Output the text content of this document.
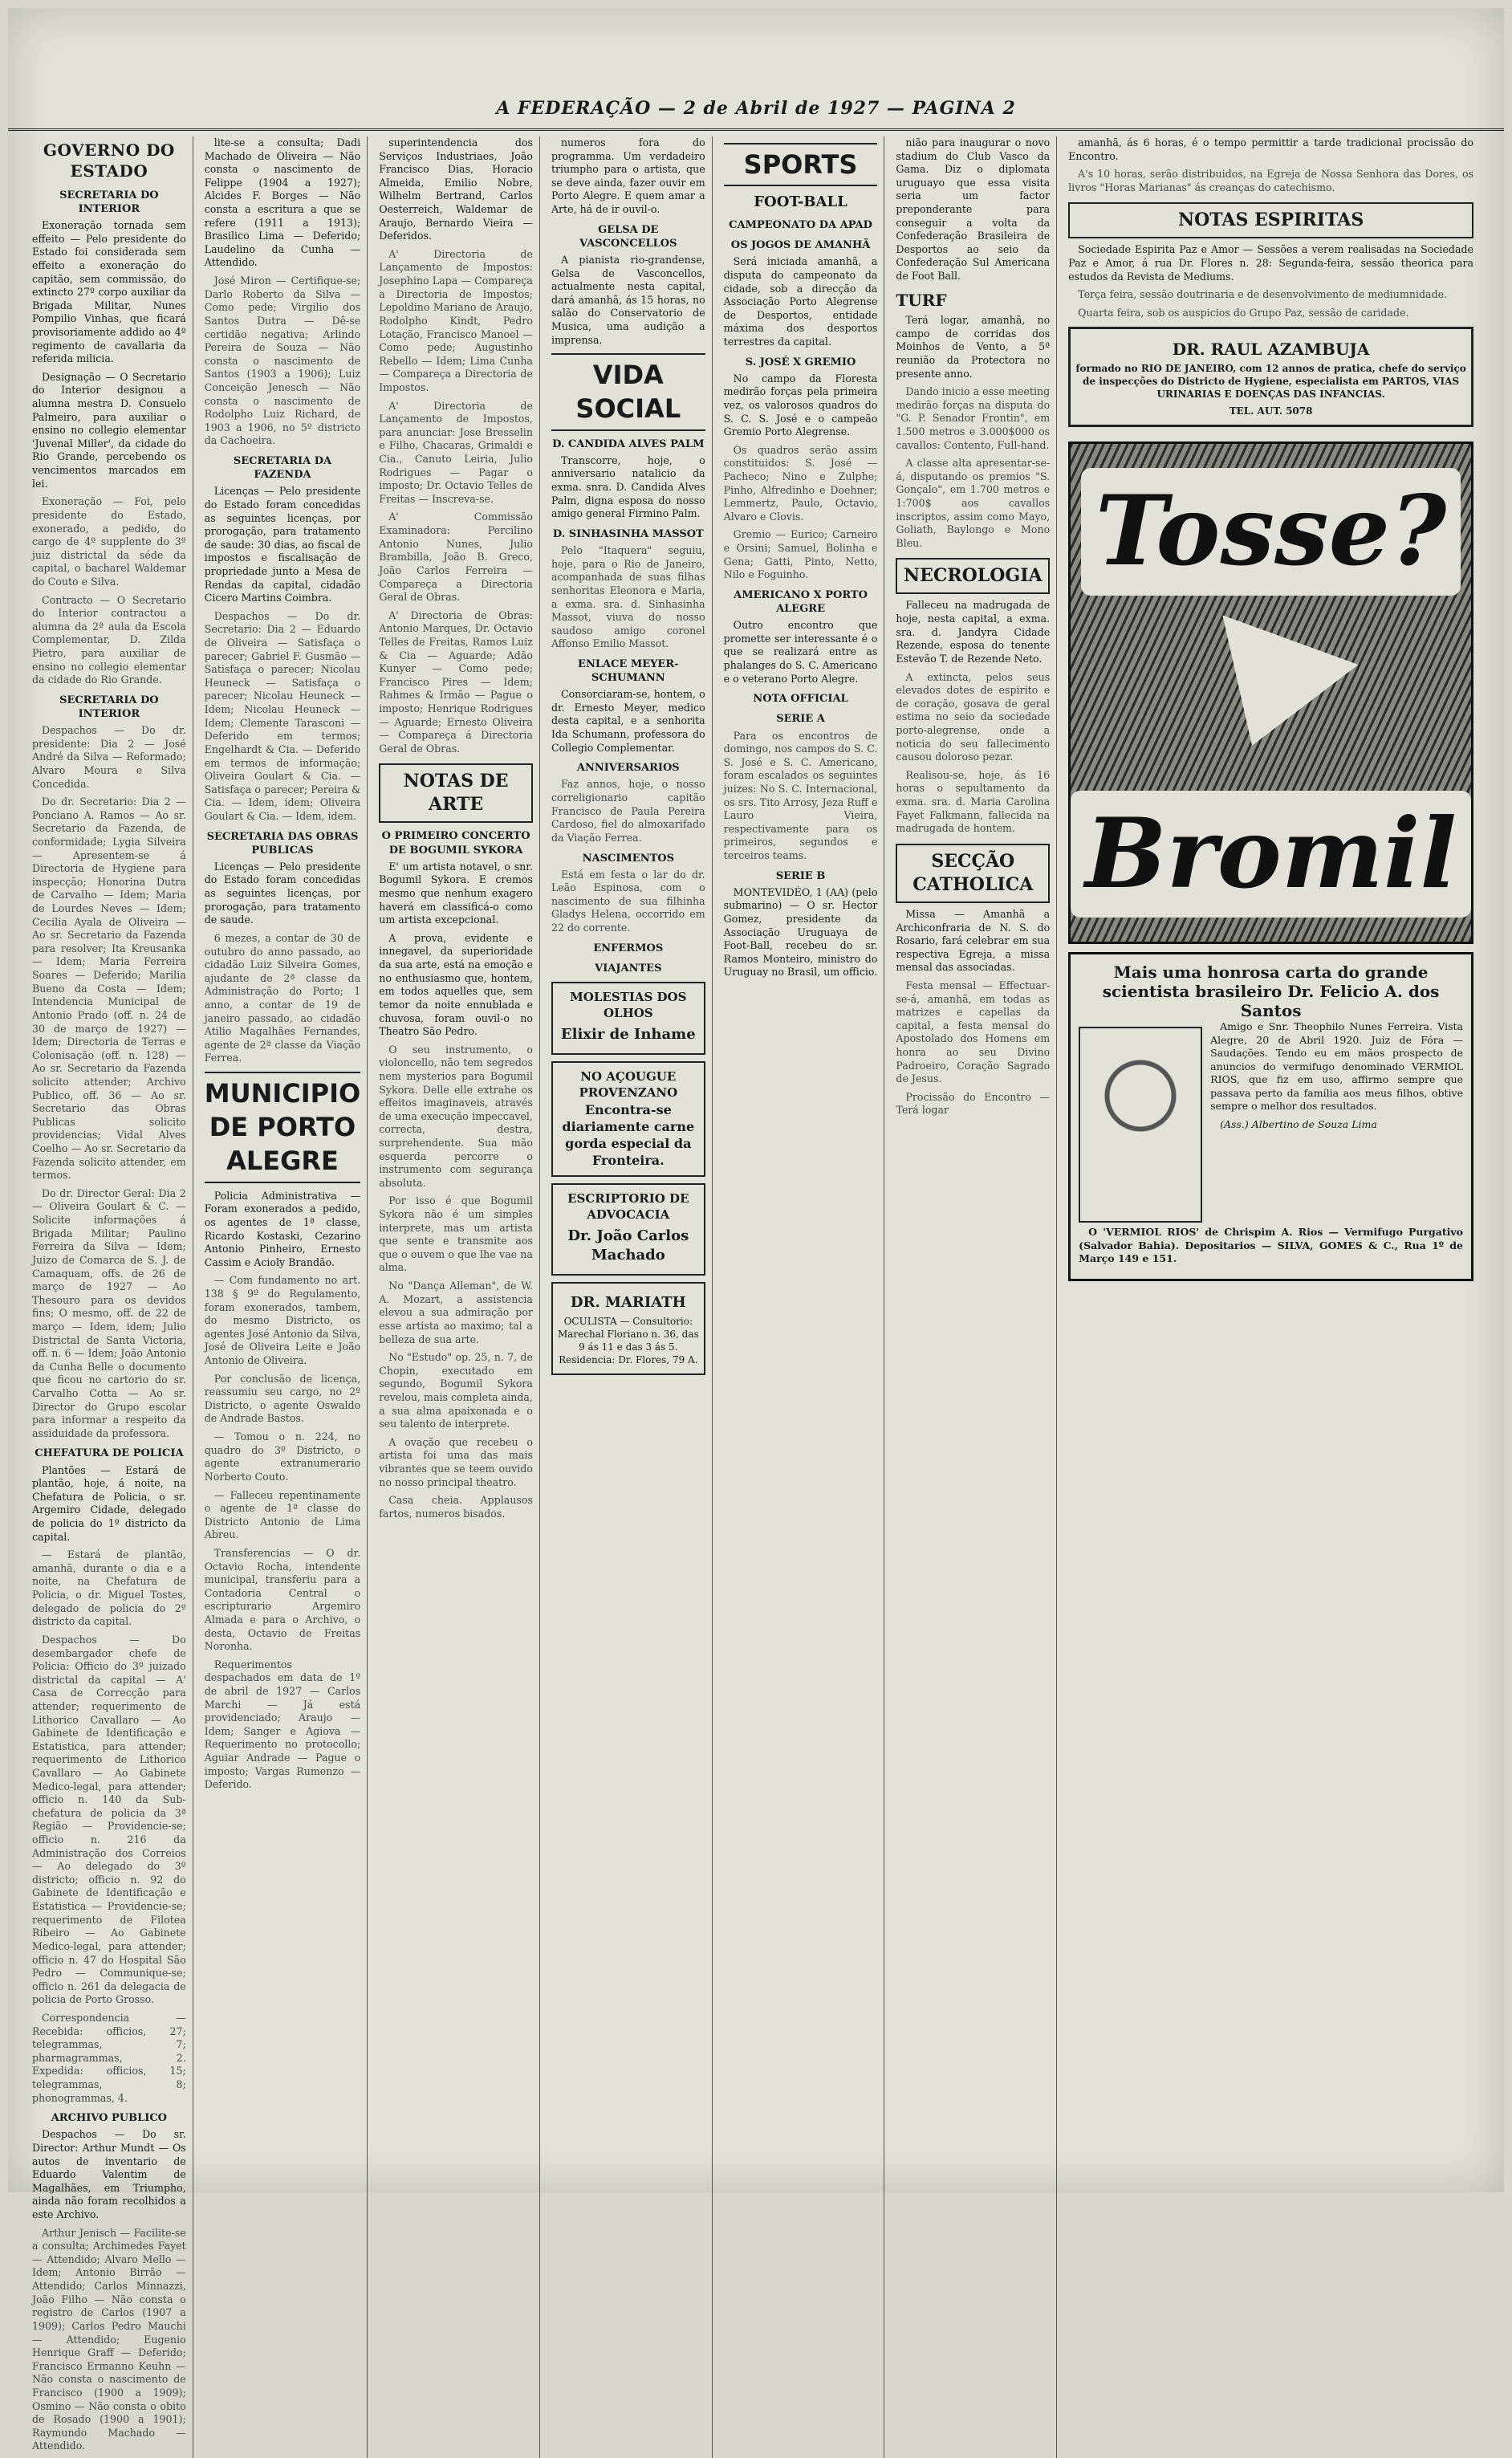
A FEDERAÇÃO — 2 de Abril de 1927 — PAGINA 2
GOVERNO DO ESTADO
SECRETARIA DO INTERIOR

Exoneração tornada sem effeito — Pelo presidente do Estado foi considerada sem effeito a exoneração do capitão, sem commissão, do extincto 27º corpo auxiliar da Brigada Militar, Nunes Pompilio Vinhas, que ficará provisoriamente addido ao 4º regimento de cavallaria da referida milicia.

Designação — O Secretario do Interior designou a alumna mestra D. Consuelo Palmeiro, para auxiliar o ensino no collegio elementar 'Juvenal Miller', da cidade do Rio Grande, percebendo os vencimentos marcados em lei.

Exoneração — Foi, pelo presidente do Estado, exonerado, a pedido, do cargo de 4º supplente do 3º juiz districtal da séde da capital, o bacharel Waldemar do Couto e Silva.

Contracto — O Secretario do Interior contractou a alumna da 2ª aula da Escola Complementar, D. Zilda Pietro, para auxiliar de ensino no collegio elementar da cidade do Rio Grande.

SECRETARIA DO INTERIOR

Despachos — Do dr. presidente: Dia 2 — José André da Silva — Reformado; Alvaro Moura e Silva Concedida.

Do dr. Secretario: Dia 2 — Ponciano A. Ramos — Ao sr. Secretario da Fazenda, de conformidade; Lygia Silveira — Apresentem-se á Directoria de Hygiene para inspecção; Honorina Dutra de Carvalho — Idem; Maria de Lourdes Neves — Idem; Cecilia Ayala de Oliveira — Ao sr. Secretario da Fazenda para resolver; Ita Kreusanka — Idem; Maria Ferreira Soares — Deferido; Marilia Bueno da Costa — Idem; Intendencia Municipal de Antonio Prado (off. n. 24 de 30 de março de 1927) — Idem; Directoria de Terras e Colonisação (off. n. 128) — Ao sr. Secretario da Fazenda solicito attender; Archivo Publico, off. 36 — Ao sr. Secretario das Obras Publicas solicito providencias; Vidal Alves Coelho — Ao sr. Secretario da Fazenda solicito attender, em termos.

Do dr. Director Geral: Dia 2 — Oliveira Goulart & C. — Solicite informações á Brigada Militar; Paulino Ferreira da Silva — Idem; Juizo de Comarca de S. J. de Camaquam, offs. de 26 de março de 1927 — Ao Thesouro para os devidos fins; O mesmo, off. de 22 de março — Idem, idem; Julio Districtal de Santa Victoria, off. n. 6 — Idem; João Antonio da Cunha Belle o documento que ficou no cartorio do sr. Carvalho Cotta — Ao sr. Director do Grupo escolar para informar a respeito da assiduidade da professora.

CHEFATURA DE POLICIA

Plantões — Estará de plantão, hoje, á noite, na Chefatura de Policia, o sr. Argemiro Cidade, delegado de policia do 1º districto da capital.

— Estará de plantão, amanhã, durante o dia e a noite, na Chefatura de Policia, o dr. Miguel Tostes, delegado de policia do 2º districto da capital.

Despachos — Do desembargador chefe de Policia: Officio do 3º juizado districtal da capital — A' Casa de Correcção para attender; requerimento de Lithorico Cavallaro — Ao Gabinete de Identificação e Estatistica, para attender; requerimento de Lithorico Cavallaro — Ao Gabinete Medico-legal, para attender; officio n. 140 da Sub-chefatura de policia da 3ª Região — Providencie-se; officio n. 216 da Administração dos Correios — Ao delegado do 3º districto; officio n. 92 do Gabinete de Identificação e Estatistica — Providencie-se; requerimento de Filotea Ribeiro — Ao Gabinete Medico-legal, para attender; officio n. 47 do Hospital São Pedro — Communique-se; officio n. 261 da delegacia de policia de Porto Grosso.

Correspondencia — Recebida: officios, 27; telegrammas, 7; pharmagrammas, 2. Expedida: officios, 15; telegrammas, 8; phonogrammas, 4.

ARCHIVO PUBLICO

Despachos — Do sr. Director: Arthur Mundt — Os autos de inventario de Eduardo Valentim de Magalhães, em Triumpho, ainda não foram recolhidos a este Archivo.

Arthur Jenisch — Facilite-se a consulta; Archimedes Fayet — Attendido; Alvaro Mello — Idem; Antonio Birrão — Attendido; Carlos Minnazzi, João Filho — Não consta o registro de Carlos (1907 a 1909); Carlos Pedro Mauchi — Attendido; Eugenio Henrique Graff — Deferido; Francisco Ermanno Keuhn — Não consta o nascimento de Francisco (1900 a 1909); Osmino — Não consta o obito de Rosado (1900 a 1901); Raymundo Machado — Attendido.

lite-se a consulta; Dadi Machado de Oliveira — Não consta o nascimento de Felippe (1904 a 1927); Alcides F. Borges — Não consta a escritura a que se refere (1911 a 1913); Brasilico Lima — Deferido; Laudelino da Cunha — Attendido.

José Miron — Certifique-se; Darlo Roberto da Silva — Como pede; Virgilio dos Santos Dutra — Dê-se certidão negativa; Arlindo Pereira de Souza — Não consta o nascimento de Santos (1903 a 1906); Luiz Conceição Jenesch — Não consta o nascimento de Rodolpho Luiz Richard, de 1903 a 1906, no 5º districto da Cachoeira.

SECRETARIA DA FAZENDA

Licenças — Pelo presidente do Estado foram concedidas as seguintes licenças, por prorogação, para tratamento de saude: 30 dias, ao fiscal de impostos e fiscalisação de propriedade junto a Mesa de Rendas da capital, cidadão Cicero Martins Coimbra.

Despachos — Do dr. Secretario: Dia 2 — Eduardo de Oliveira — Satisfaça o parecer; Gabriel F. Gusmão — Satisfaça o parecer; Nicolau Heuneck — Satisfaça o parecer; Nicolau Heuneck — Idem; Nicolau Heuneck — Idem; Clemente Tarasconi — Deferido em termos; Engelhardt & Cia. — Deferido em termos de informação; Oliveira Goulart & Cia. — Satisfaça o parecer; Pereira & Cia. — Idem, idem; Oliveira Goulart & Cia. — Idem, idem.

SECRETARIA DAS OBRAS PUBLICAS

Licenças — Pelo presidente do Estado foram concedidas as seguintes licenças, por prorogação, para tratamento de saude.

6 mezes, a contar de 30 de outubro do anno passado, ao cidadão Luiz Silveira Gomes, ajudante de 2ª classe da Administração do Porto; 1 anno, a contar de 19 de janeiro passado, ao cidadão Atilio Magalhães Fernandes, agente de 2ª classe da Viação Ferrea.

MUNICIPIO DE PORTO ALEGRE

Policia Administrativa — Foram exonerados a pedido, os agentes de 1ª classe, Ricardo Kostaski, Cezarino Antonio Pinheiro, Ernesto Cassim e Acioly Brandão.

— Com fundamento no art. 138 § 9º do Regulamento, foram exonerados, tambem, do mesmo Districto, os agentes José Antonio da Silva, José de Oliveira Leite e João Antonio de Oliveira.

Por conclusão de licença, reassumiu seu cargo, no 2º Districto, o agente Oswaldo de Andrade Bastos.

— Tomou o n. 224, no quadro do 3º Districto, o agente extranumerario Norberto Couto.

— Falleceu repentinamente o agente de 1ª classe do Districto Antonio de Lima Abreu.

Transferencias — O dr. Octavio Rocha, intendente municipal, transferiu para a Contadoria Central o escripturario Argemiro Almada e para o Archivo, o desta, Octavio de Freitas Noronha.

Requerimentos despachados em data de 1º de abril de 1927 — Carlos Marchi — Já está providenciado; Araujo — Idem; Sanger e Agiova — Requerimento no protocollo; Aguiar Andrade — Pague o imposto; Vargas Rumenzo — Deferido.

superintendencia dos Serviços Industriaes, João Francisco Dias, Horacio Almeida, Emilio Nobre, Wilhelm Bertrand, Carlos Oesterreich, Waldemar de Araujo, Bernardo Vieira — Deferidos.

A' Directoria de Lançamento de Impostos: Josephino Lapa — Compareça a Directoria de Impostos; Lepoldino Mariano de Araujo, Rodolpho Kindt, Pedro Lotação, Francisco Manoel — Como pede; Augustinho Rebello — Idem; Lima Cunha — Compareça a Directoria de Impostos.

A' Directoria de Lançamento de Impostos, para anunciar: Jose Bresselin e Filho, Chacaras, Grimaldi e Cia., Canuto Leiria, Julio Rodrigues — Pagar o imposto; Dr. Octavio Telles de Freitas — Inscreva-se.

A' Commissão Examinadora: Percilino Antonio Nunes, Julio Brambilla, João B. Greco, João Carlos Ferreira — Compareça a Directoria Geral de Obras.

A' Directoria de Obras: Antonio Marques, Dr. Octavio Telles de Freitas, Ramos Luiz & Cia — Aguarde; Adão Kunyer — Como pede; Francisco Pires — Idem; Rahmes & Irmão — Pague o imposto; Henrique Rodrigues — Aguarde; Ernesto Oliveira — Compareça á Directoria Geral de Obras.

NOTAS DE ARTE
O PRIMEIRO CONCERTO DE BOGUMIL SYKORA

E' um artista notavel, o snr. Bogumil Sykora. E cremos mesmo que nenhum exagero haverá em classificá-o como um artista excepcional.

A prova, evidente e innegavel, da superioridade da sua arte, está na emoção e no enthusiasmo que, hontem, em todos aquelles que, sem temor da noite ennublada e chuvosa, foram ouvil-o no Theatro São Pedro.

O seu instrumento, o violoncello, não tem segredos nem mysterios para Bogumil Sykora. Delle elle extrahe os effeitos imaginaveis, através de uma execução impeccavel, correcta, destra, surprehendente. Sua mão esquerda percorre o instrumento com segurança absoluta.

Por isso é que Bogumil Sykora não é um simples interprete, mas um artista que sente e transmite aos que o ouvem o que lhe vae na alma.

No "Dança Alleman", de W. A. Mozart, a assistencia elevou a sua admiração por esse artista ao maximo; tal a belleza de sua arte.

No "Estudo" op. 25, n. 7, de Chopin, executado em segundo, Bogumil Sykora revelou, mais completa ainda, a sua alma apaixonada e o seu talento de interprete.

A ovação que recebeu o artista foi uma das mais vibrantes que se teem ouvido no nosso principal theatro.

Casa cheia. Applausos fartos, numeros bisados.

numeros fora do programma. Um verdadeiro triumpho para o artista, que se deve ainda, fazer ouvir em Porto Alegre. E quem amar a Arte, há de ir ouvil-o.

GELSA DE VASCONCELLOS

A pianista rio-grandense, Gelsa de Vasconcellos, actualmente nesta capital, dará amanhã, ás 15 horas, no salão do Conservatorio de Musica, uma audição a imprensa.

VIDA SOCIAL
D. CANDIDA ALVES PALM

Transcorre, hoje, o anniversario natalicio da exma. snra. D. Candida Alves Palm, digna esposa do nosso amigo general Firmino Palm.

D. SINHASINHA MASSOT

Pelo "Itaquera" seguiu, hoje, para o Rio de Janeiro, acompanhada de suas filhas senhoritas Eleonora e Maria, a exma. sra. d. Sinhasinha Massot, viuva do nosso saudoso amigo coronel Affonso Emilio Massot.

ENLACE MEYER-SCHUMANN

Consorciaram-se, hontem, o dr. Ernesto Meyer, medico desta capital, e a senhorita Ida Schumann, professora do Collegio Complementar.

ANNIVERSARIOS

Faz annos, hoje, o nosso correligionario capitão Francisco de Paula Pereira Cardoso, fiel do almoxarifado da Viação Ferrea.

NASCIMENTOS

Está em festa o lar do dr. Leão Espinosa, com o nascimento de sua filhinha Gladys Helena, occorrido em 22 do corrente.

ENFERMOS
VIAJANTES
MOLESTIAS DOS OLHOS
Elixir de Inhame
NO AÇOUGUE PROVENZANO
Encontra-se diariamente carne gorda especial da Fronteira.
ESCRIPTORIO DE ADVOCACIA
Dr. João Carlos Machado
DR. MARIATH
OCULISTA — Consultorio: Marechal Floriano n. 36, das 9 ás 11 e das 3 ás 5. Residencia: Dr. Flores, 79 A.
SPORTS
FOOT-BALL
CAMPEONATO DA APAD
OS JOGOS DE AMANHÃ

Será iniciada amanhã, a disputa do campeonato da cidade, sob a direcção da Associação Porto Alegrense de Desportos, entidade máxima dos desportos terrestres da capital.

S. JOSÉ X GREMIO

No campo da Floresta medirão forças pela primeira vez, os valorosos quadros do S. C. S. José e o campeão Gremio Porto Alegrense.

Os quadros serão assim constituidos: S. José — Pacheco; Nino e Zulphe; Pinho, Alfredinho e Doehner; Lemmertz, Paulo, Octavio, Alvaro e Clovis.

Gremio — Eurico; Carneiro e Orsini; Samuel, Bolinha e Gena; Gatti, Pinto, Netto, Nilo e Foguinho.

AMERICANO X PORTO ALEGRE

Outro encontro que promette ser interessante é o que se realizará entre as phalanges do S. C. Americano e o veterano Porto Alegre.

NOTA OFFICIAL
SERIE A

Para os encontros de domingo, nos campos do S. C. S. José e S. C. Americano, foram escalados os seguintes juizes: No S. C. Internacional, os srs. Tito Arrosy, Jeza Ruff e Lauro Vieira, respectivamente para os primeiros, segundos e terceiros teams.

SERIE B

MONTEVIDÉO, 1 (AA) (pelo submarino) — O sr. Hector Gomez, presidente da Associação Uruguaya de Foot-Ball, recebeu do sr. Ramos Monteiro, ministro do Uruguay no Brasil, um officio.

nião para inaugurar o novo stadium do Club Vasco da Gama. Diz o diplomata uruguayo que essa visita seria um factor preponderante para conseguir a volta da Confederação Brasileira de Desportos ao seio da Confederação Sul Americana de Foot Ball.

TURF

Terá logar, amanhã, no campo de corridas dos Moinhos de Vento, a 5ª reunião da Protectora no presente anno.

Dando inicio a esse meeting medirão forças na disputa do "G. P. Senador Frontin", em 1.500 metros e 3.000$000 os cavallos: Contento, Full-hand.

A classe alta apresentar-se-á, disputando os premios "S. Gonçalo", em 1.700 metros e 1:700$ aos cavallos inscriptos, assim como Mayo, Goliath, Baylongo e Mono Bleu.

NECROLOGIA

Falleceu na madrugada de hoje, nesta capital, a exma. sra. d. Jandyra Cidade Rezende, esposa do tenente Estevão T. de Rezende Neto.

A extincta, pelos seus elevados dotes de espirito e de coração, gosava de geral estima no seio da sociedade porto-alegrense, onde a noticia do seu fallecimento causou doloroso pezar.

Realisou-se, hoje, ás 16 horas o sepultamento da exma. sra. d. Maria Carolina Fayet Falkmann, fallecida na madrugada de hontem.

SECÇÃO CATHOLICA

Missa — Amanhã a Archiconfraria de N. S. do Rosario, fará celebrar em sua respectiva Egreja, a missa mensal das associadas.

Festa mensal — Effectuar-se-á, amanhã, em todas as matrizes e capellas da capital, a festa mensal do Apostolado dos Homens em honra ao seu Divino Padroeiro, Coração Sagrado de Jesus.

Procissão do Encontro — Terá logar

amanhã, ás 6 horas, é o tempo permittir a tarde tradicional procissão do Encontro.

A's 10 horas, serão distribuidos, na Egreja de Nossa Senhora das Dores, os livros "Horas Marianas" ás creanças do catechismo.

NOTAS ESPIRITAS

Sociedade Espirita Paz e Amor — Sessões a verem realisadas na Sociedade Paz e Amor, á rua Dr. Flores n. 28: Segunda-feira, sessão theorica para estudos da Revista de Mediums.

Terça feira, sessão doutrinaria e de desenvolvimento de mediumnidade.

Quarta feira, sob os auspicios do Grupo Paz, sessão de caridade.

DR. RAUL AZAMBUJA
formado no RIO DE JANEIRO, com 12 annos de pratica, chefe do serviço de inspecções do Districto de Hygiene, especialista em PARTOS, VIAS URINARIAS E DOENÇAS DAS INFANCIAS.
TEL. AUT. 5078
Tosse?
Bromil
Mais uma honrosa carta do grande scientista brasileiro Dr. Felicio A. dos Santos

Amigo e Snr. Theophilo Nunes Ferreira. Vista Alegre, 20 de Abril 1920. Juiz de Fóra — Saudações. Tendo eu em mãos prospecto de anuncios do vermifugo denominado VERMIOL RIOS, que fiz em uso, affirmo sempre que passava perto da família aos meus filhos, obtive sempre o melhor dos resultados.

(Ass.) Albertino de Souza Lima

O 'VERMIOL RIOS' de Chrispim A. Rios — Vermifugo Purgativo (Salvador Bahia). Depositarios — SILVA, GOMES & C., Rua 1º de Março 149 e 151.
